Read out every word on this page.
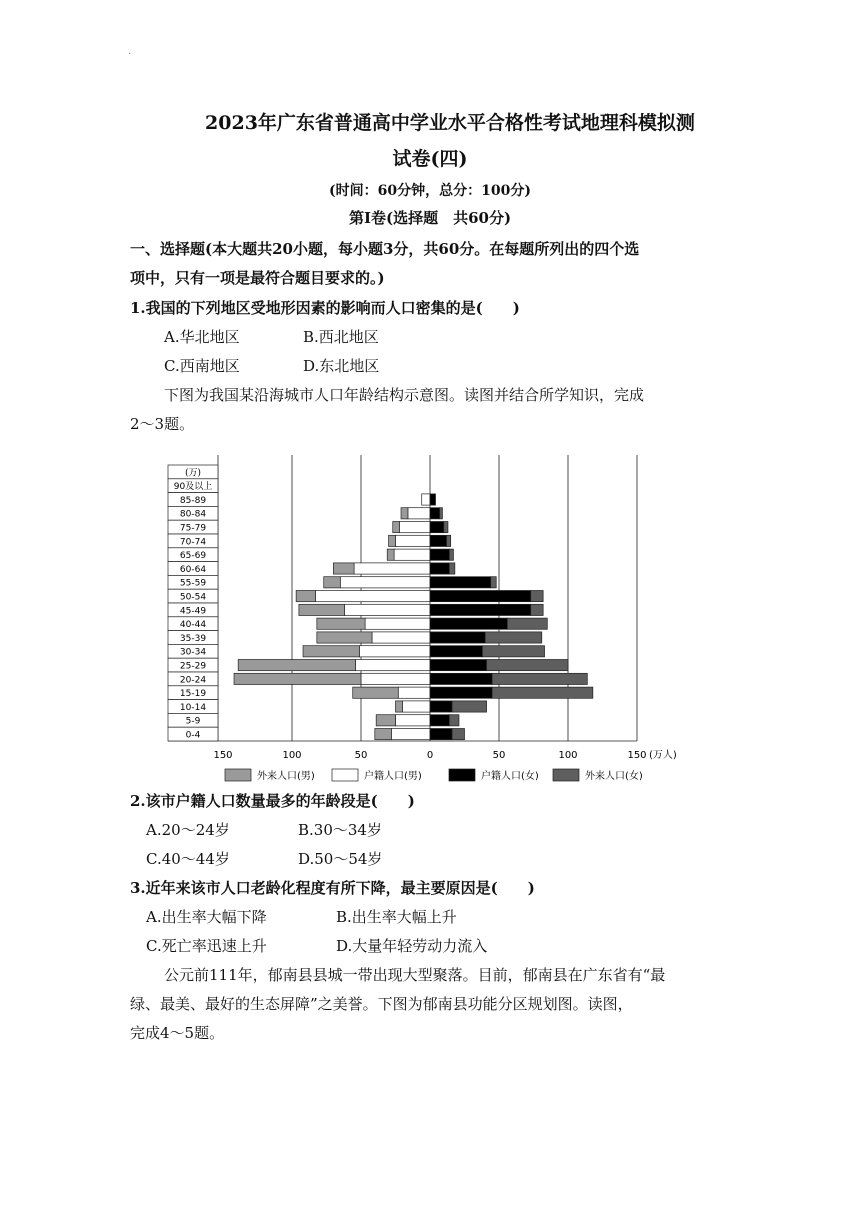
.
2023年广东省普通高中学业水平合格性考试地理科模拟测
试卷(四)
(时间：60分钟，总分：100分)
第Ⅰ卷(选择题　共60分)
一、选择题(本大题共20小题，每小题3分，共60分。在每题所列出的四个选
项中，只有一项是最符合题目要求的。)
1.我国的下列地区受地形因素的影响而人口密集的是(　　)
A.华北地区	B.西北地区
C.西南地区	D.东北地区
下图为我国某沿海城市人口年龄结构示意图。读图并结合所学知识，完成
2～3题。
(万)
90及以上
85-89
80-84
75-79
70-74
65-69
60-64
55-59
50-54
45-49
40-44
35-39
30-34
25-29
20-24
15-19
10-14
5-9
0-4
150	100	50	0	50	100	150 (万人)
外来人口(男)	户籍人口(男)	户籍人口(女)	外来人口(女)
2.该市户籍人口数量最多的年龄段是(　　)
A.20～24岁	B.30～34岁
C.40～44岁	D.50～54岁
3.近年来该市人口老龄化程度有所下降，最主要原因是(　　)
A.出生率大幅下降	B.出生率大幅上升
C.死亡率迅速上升	D.大量年轻劳动力流入
公元前111年，郁南县县城一带出现大型聚落。目前，郁南县在广东省有“最
绿、最美、最好的生态屏障”之美誉。下图为郁南县功能分区规划图。读图，
完成4～5题。
